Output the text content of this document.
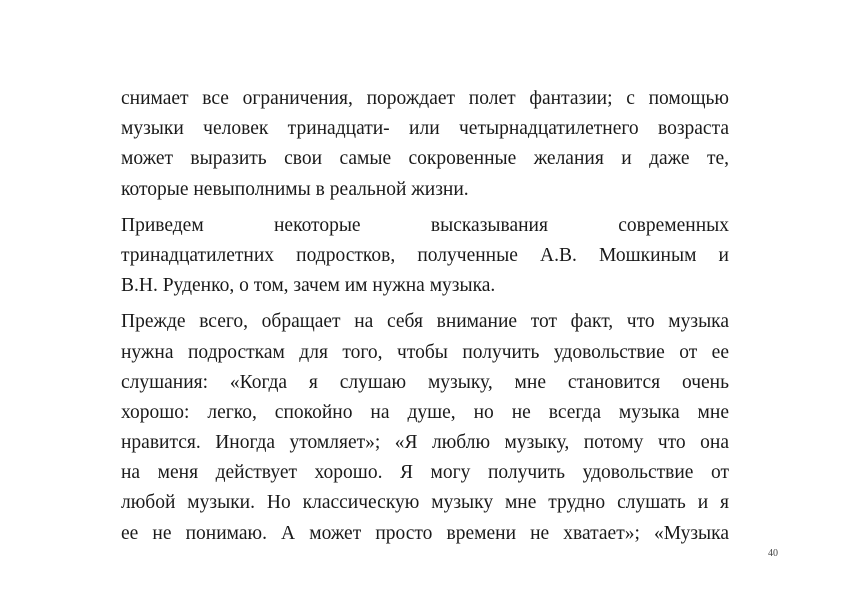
снимает все ограничения, порождает полет фантазии; с помощью
музыки человек тринадцати- или четырнадцатилетнего возраста
может выразить свои самые сокровенные желания и даже те,
которые невыполнимы в реальной жизни.
Приведем некоторые высказывания современных
тринадцатилетних подростков, полученные А.В. Мошкиным и
В.Н. Руденко, о том, зачем им нужна музыка.
Прежде всего, обращает на себя внимание тот факт, что музыка
нужна подросткам для того, чтобы получить удовольствие от ее
слушания: «Когда я слушаю музыку, мне становится очень
хорошо: легко, спокойно на душе, но не всегда музыка мне
нравится. Иногда утомляет»; «Я люблю музыку, потому что она
на меня действует хорошо. Я могу получить удовольствие от
любой музыки. Но классическую музыку мне трудно слушать и я
ее не понимаю. А может просто времени не хватает»; «Музыка
40
